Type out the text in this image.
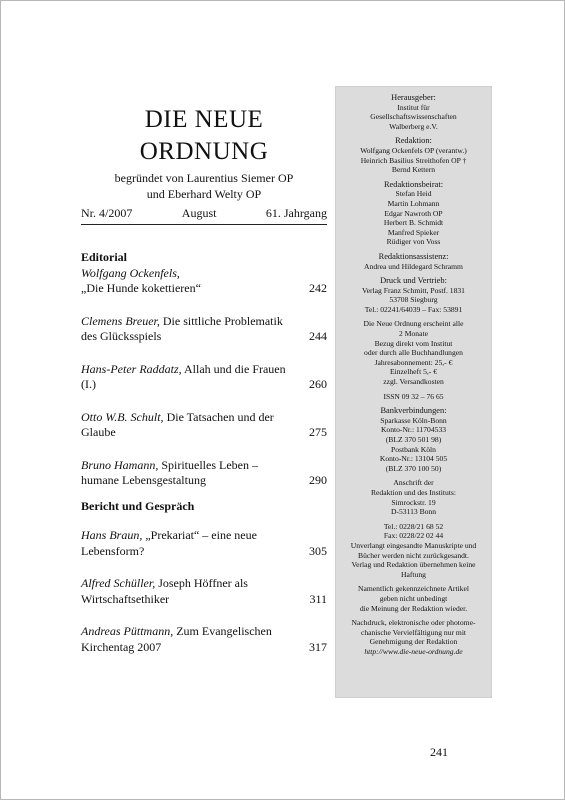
DIE NEUE
ORDNUNG
begründet von Laurentius Siemer OP
und Eberhard Welty OP
Nr. 4/2007	August	61. Jahrgang
Editorial
Wolfgang Ockenfels,
„Die Hunde kokettieren“	242
Clemens Breuer, Die sittliche Problematik des Glücksspiels	244
Hans-Peter Raddatz, Allah und die Frauen (I.)	260
Otto W.B. Schult, Die Tatsachen und der Glaube	275
Bruno Hamann, Spirituelles Leben – humane Lebensgestaltung	290
Bericht und Gespräch
Hans Braun, „Prekariat“ – eine neue Lebensform?	305
Alfred Schüller, Joseph Höffner als Wirtschaftsethiker	311
Andreas Püttmann, Zum Evangelischen Kirchentag 2007	317
Herausgeber:
Institut für
Gesellschaftswissenschaften
Walberberg e.V.
Redaktion:
Wolfgang Ockenfels OP (verantw.)
Heinrich Basilius Streithofen OP †
Bernd Kettern
Redaktionsbeirat:
Stefan Heid
Martin Lohmann
Edgar Nawroth OP
Herbert B. Schmidt
Manfred Spieker
Rüdiger von Voss
Redaktionsassistenz:
Andrea und Hildegard Schramm
Druck und Vertrieb:
Verlag Franz Schmitt, Postf. 1831
53708 Siegburg
Tel.: 02241/64039 – Fax: 53891
Die Neue Ordnung erscheint alle
2 Monate
Bezug direkt vom Institut
oder durch alle Buchhandlungen
Jahresabonnement: 25,- €
Einzelheft 5,- €
zzgl. Versandkosten
ISSN 09 32 – 76 65
Bankverbindungen:
Sparkasse Köln-Bonn
Konto-Nr.: 11704533
(BLZ 370 501 98)
Postbank Köln
Konto-Nr.: 13104 505
(BLZ 370 100 50)
Anschrift der
Redaktion und des Instituts:
Simrockstr. 19
D-53113 Bonn
Tel.: 0228/21 68 52
Fax: 0228/22 02 44
Unverlangt eingesandte Manuskripte und
Bücher werden nicht zurückgesandt.
Verlag und Redaktion übernehmen keine
Haftung
Namentlich gekennzeichnete Artikel
geben nicht unbedingt
die Meinung der Redaktion wieder.
Nachdruck, elektronische oder photome-
chanische Vervielfältigung nur mit
Genehmigung der Redaktion
http://www.die-neue-ordnung.de
241
